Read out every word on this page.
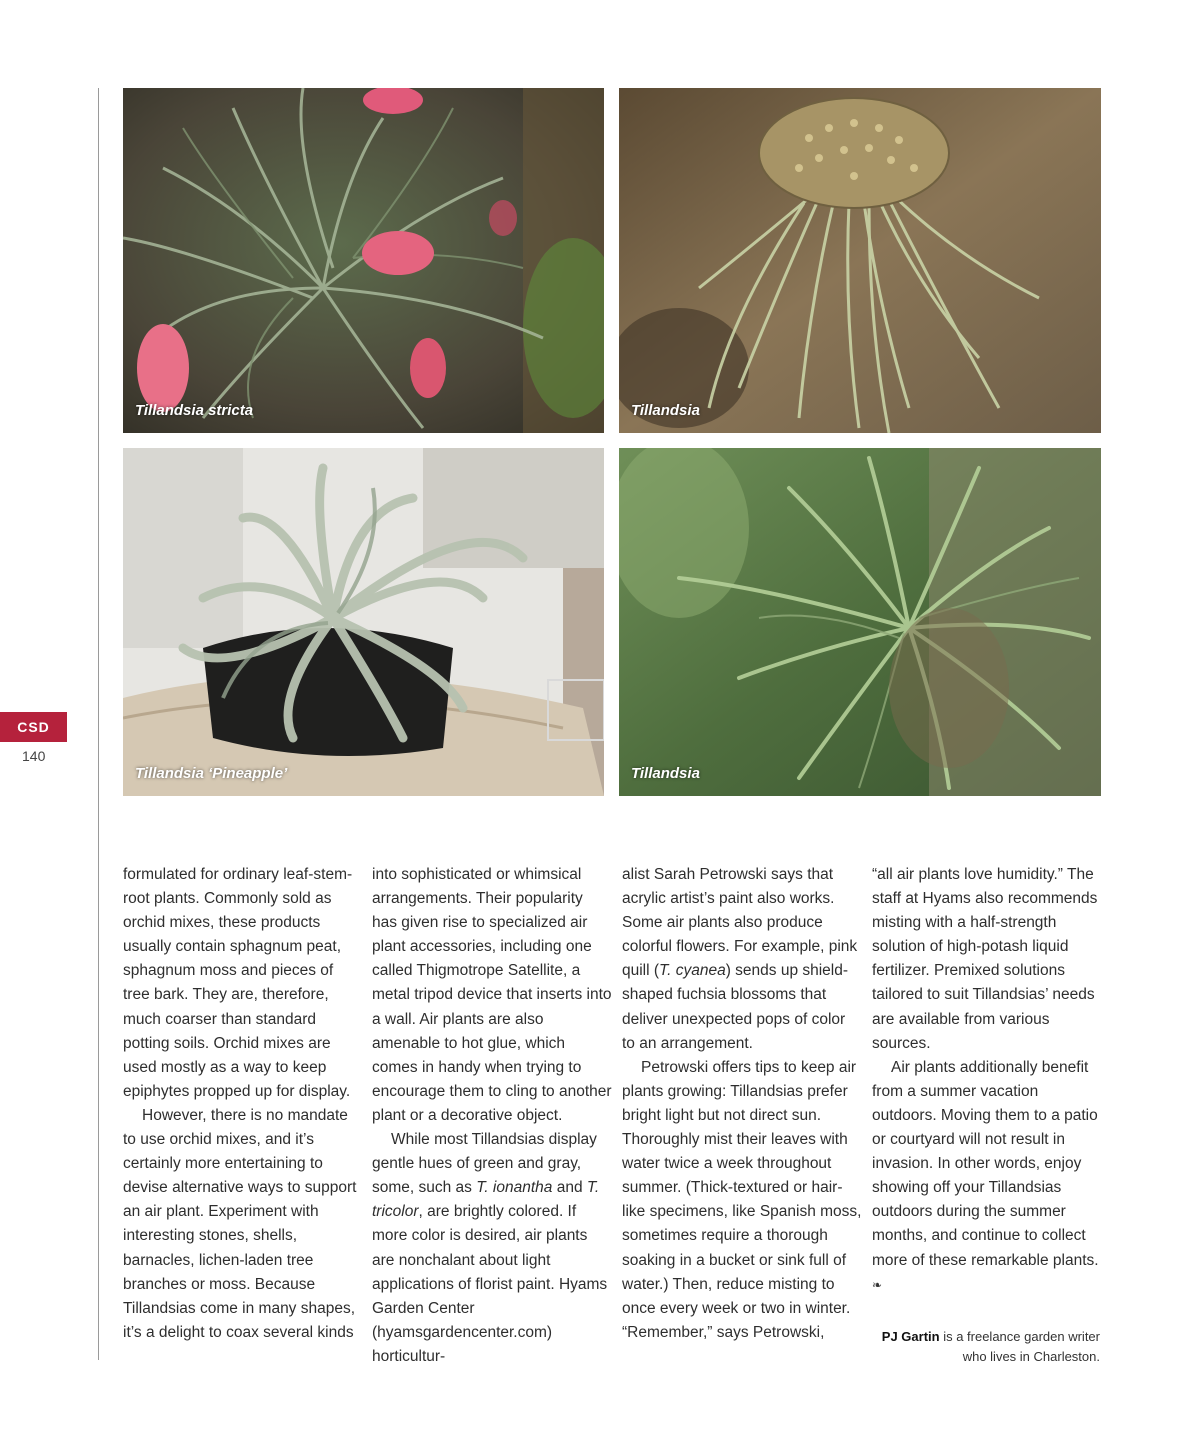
CSD
140
Tillandsia stricta	Tillandsia
Tillandsia ‘Pineapple’	Tillandsia

formulated for ordinary leaf-stem-root plants. Commonly sold as orchid mixes, these products usually contain sphagnum peat, sphagnum moss and pieces of tree bark. They are, therefore, much coarser than standard potting soils. Orchid mixes are used mostly as a way to keep epiphytes propped up for display.

However, there is no mandate to use orchid mixes, and it’s certainly more entertaining to devise alternative ways to support an air plant. Experiment with interesting stones, shells, barnacles, lichen-laden tree branches or moss. Because Tillandsias come in many shapes, it’s a delight to coax several kinds

into sophisticated or whimsical arrangements. Their popularity has given rise to specialized air plant accessories, including one called Thigmotrope Satellite, a metal tripod device that inserts into a wall. Air plants are also amenable to hot glue, which comes in handy when trying to encourage them to cling to another plant or a decorative object.

While most Tillandsias display gentle hues of green and gray, some, such as T. ionantha and T. tricolor, are brightly colored. If more color is desired, air plants are nonchalant about light applications of florist paint. Hyams Garden Center (hyamsgardencenter.com) horticultur-

alist Sarah Petrowski says that acrylic artist’s paint also works. Some air plants also produce colorful flowers. For example, pink quill (T. cyanea) sends up shield-shaped fuchsia blossoms that deliver unexpected pops of color to an arrangement.

Petrowski offers tips to keep air plants growing: Tillandsias prefer bright light but not direct sun. Thoroughly mist their leaves with water twice a week throughout summer. (Thick-textured or hair-like specimens, like Spanish moss, sometimes require a thorough soaking in a bucket or sink full of water.) Then, reduce misting to once every week or two in winter. “Remember,” says Petrowski,

“all air plants love humidity.” The staff at Hyams also recommends misting with a half-strength solution of high-potash liquid fertilizer. Premixed solutions tailored to suit Tillandsias’ needs are available from various sources.

Air plants additionally benefit from a summer vacation outdoors. Moving them to a patio or courtyard will not result in invasion. In other words, enjoy showing off your Tillandsias outdoors during the summer months, and continue to collect more of these remarkable plants. ❧

PJ Gartin is a freelance garden writer who lives in Charleston.
